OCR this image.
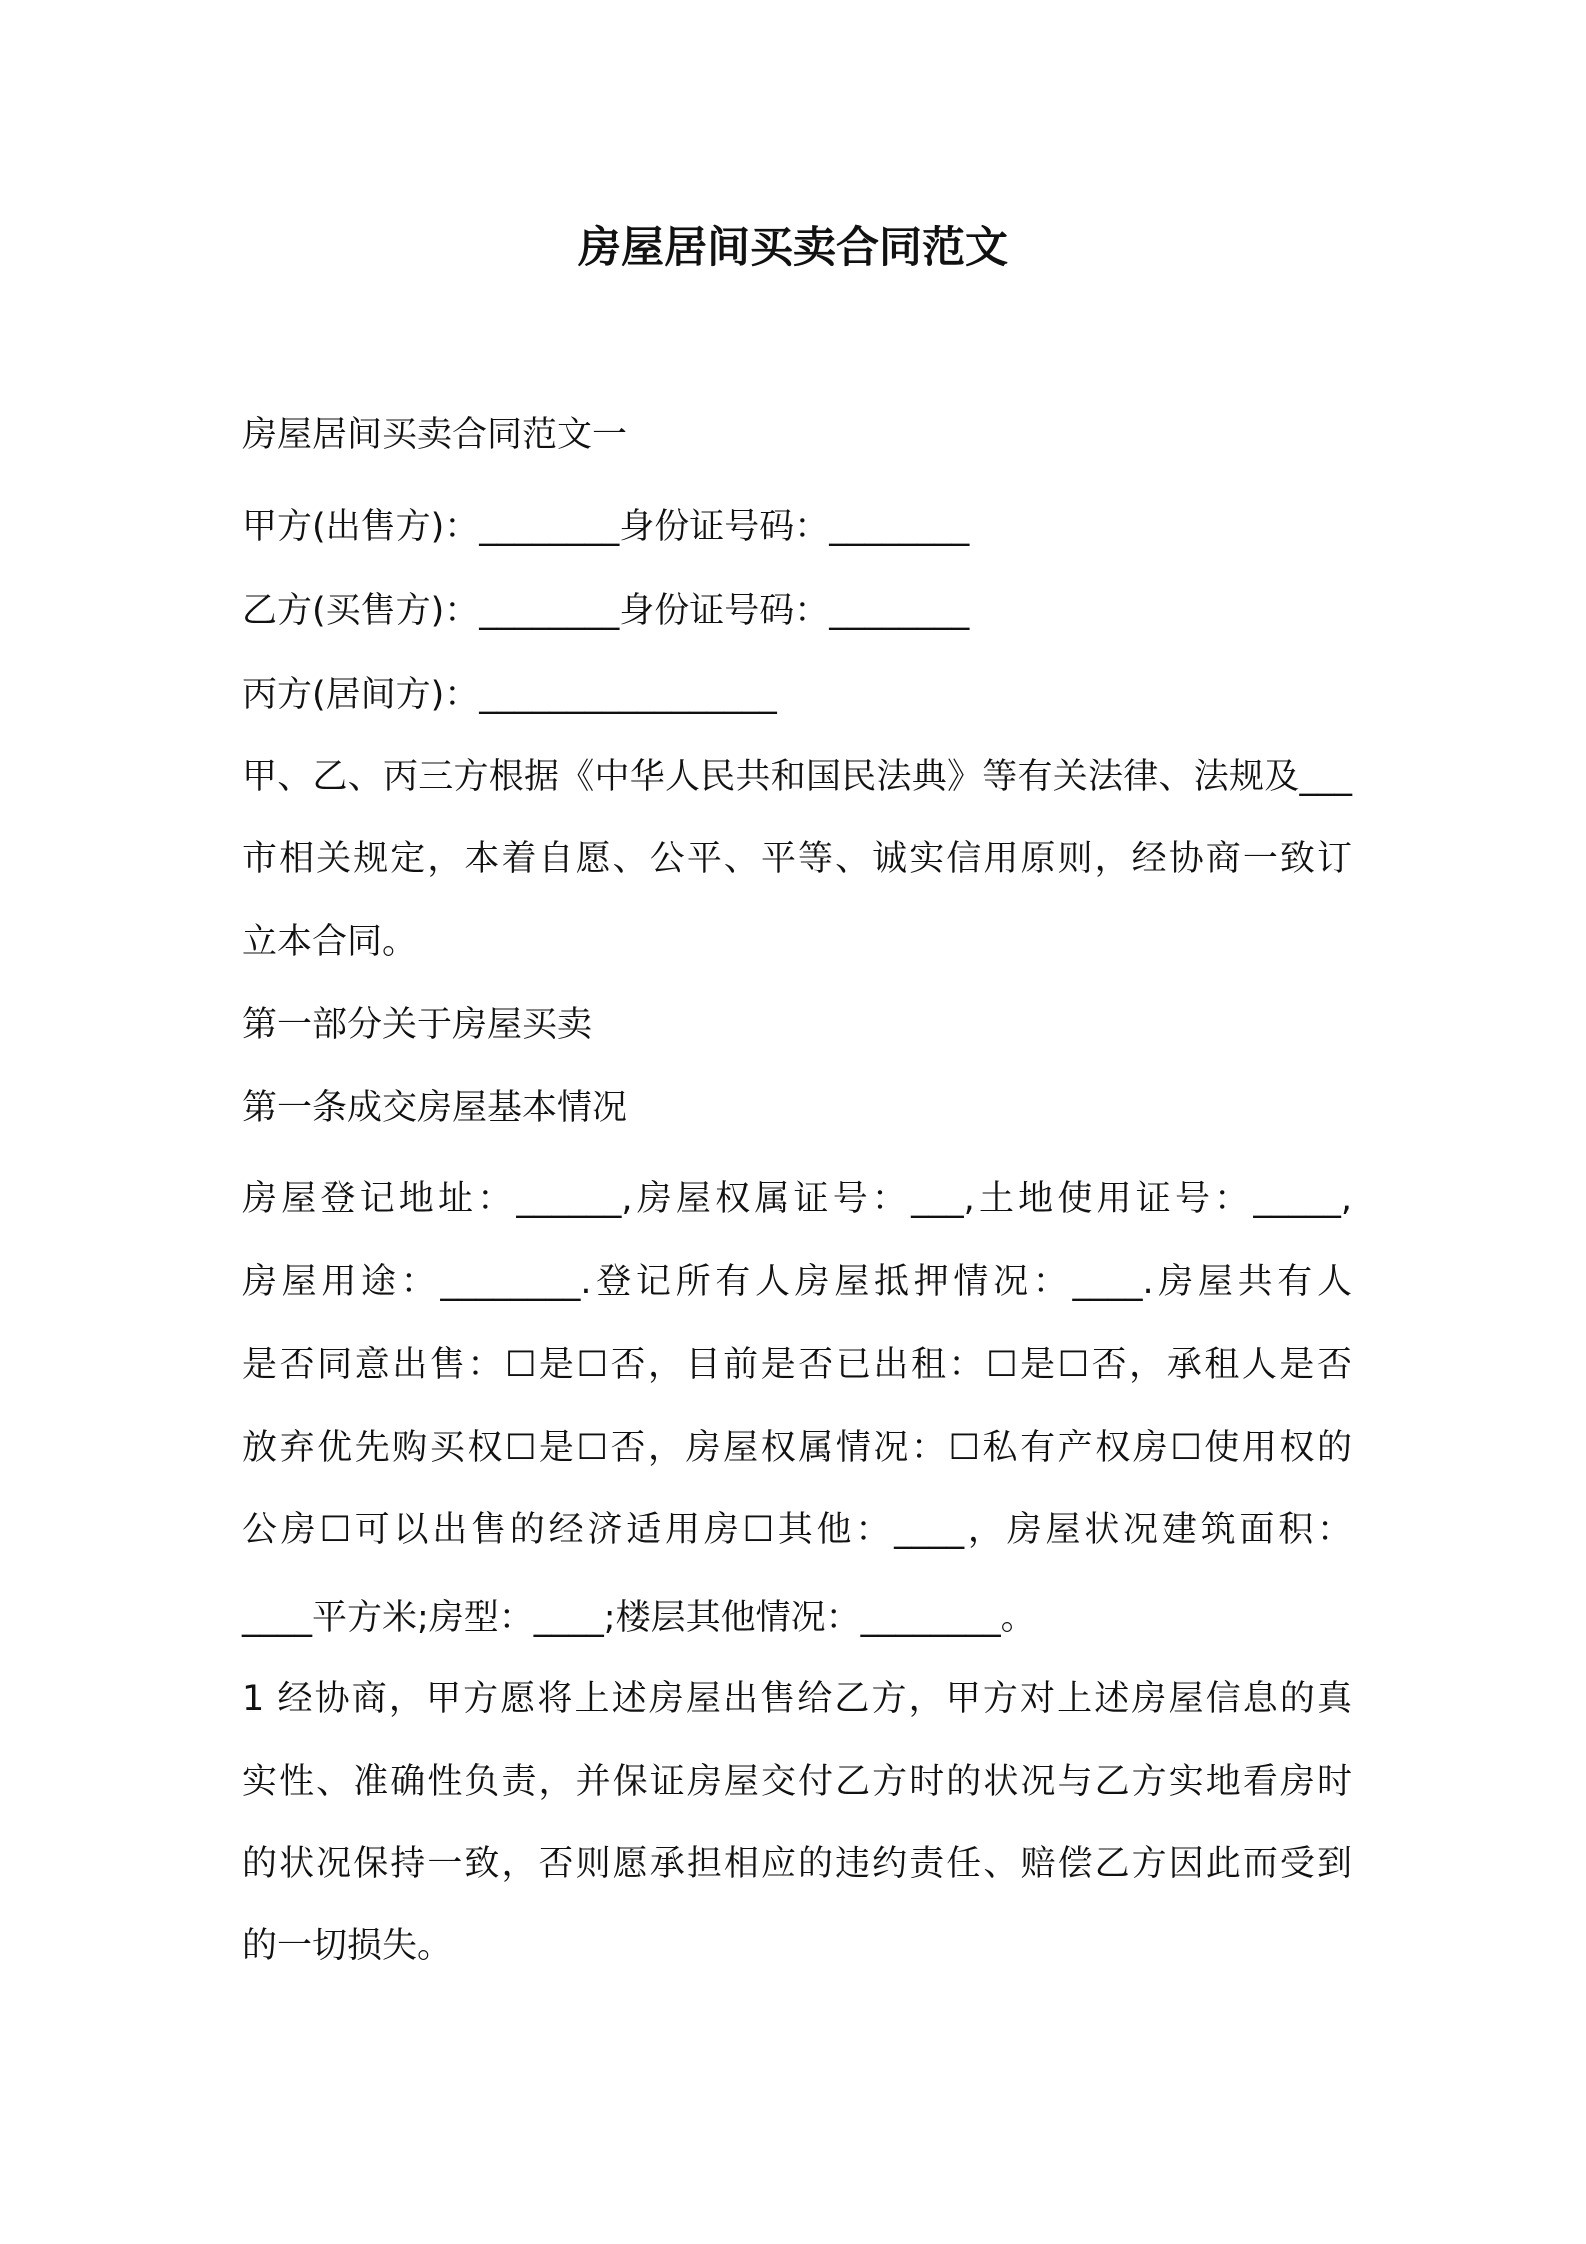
房屋居间买卖合同范文

房屋居间买卖合同范文一

甲方(出售方)：________身份证号码：________

乙方(买售方)：________身份证号码：________

丙方(居间方)：_________________

甲、乙、丙三方根据《中华人民共和国民法典》等有关法律、法规及___

市相关规定，本着自愿、公平、平等、诚实信用原则，经协商一致订

立本合同。

第一部分关于房屋买卖

第一条成交房屋基本情况

房屋登记地址：______,房屋权属证号：___,土地使用证号：_____,

房屋用途：________.登记所有人房屋抵押情况：____.房屋共有人

是否同意出售：☐是☐否，目前是否已出租：☐是☐否，承租人是否

放弃优先购买权☐是☐否，房屋权属情况：☐私有产权房☐使用权的

公房☐可以出售的经济适用房☐其他：____，房屋状况建筑面积：

____平方米;房型：____;楼层其他情况：________。

1 经协商，甲方愿将上述房屋出售给乙方，甲方对上述房屋信息的真

实性、准确性负责，并保证房屋交付乙方时的状况与乙方实地看房时

的状况保持一致，否则愿承担相应的违约责任、赔偿乙方因此而受到

的一切损失。
